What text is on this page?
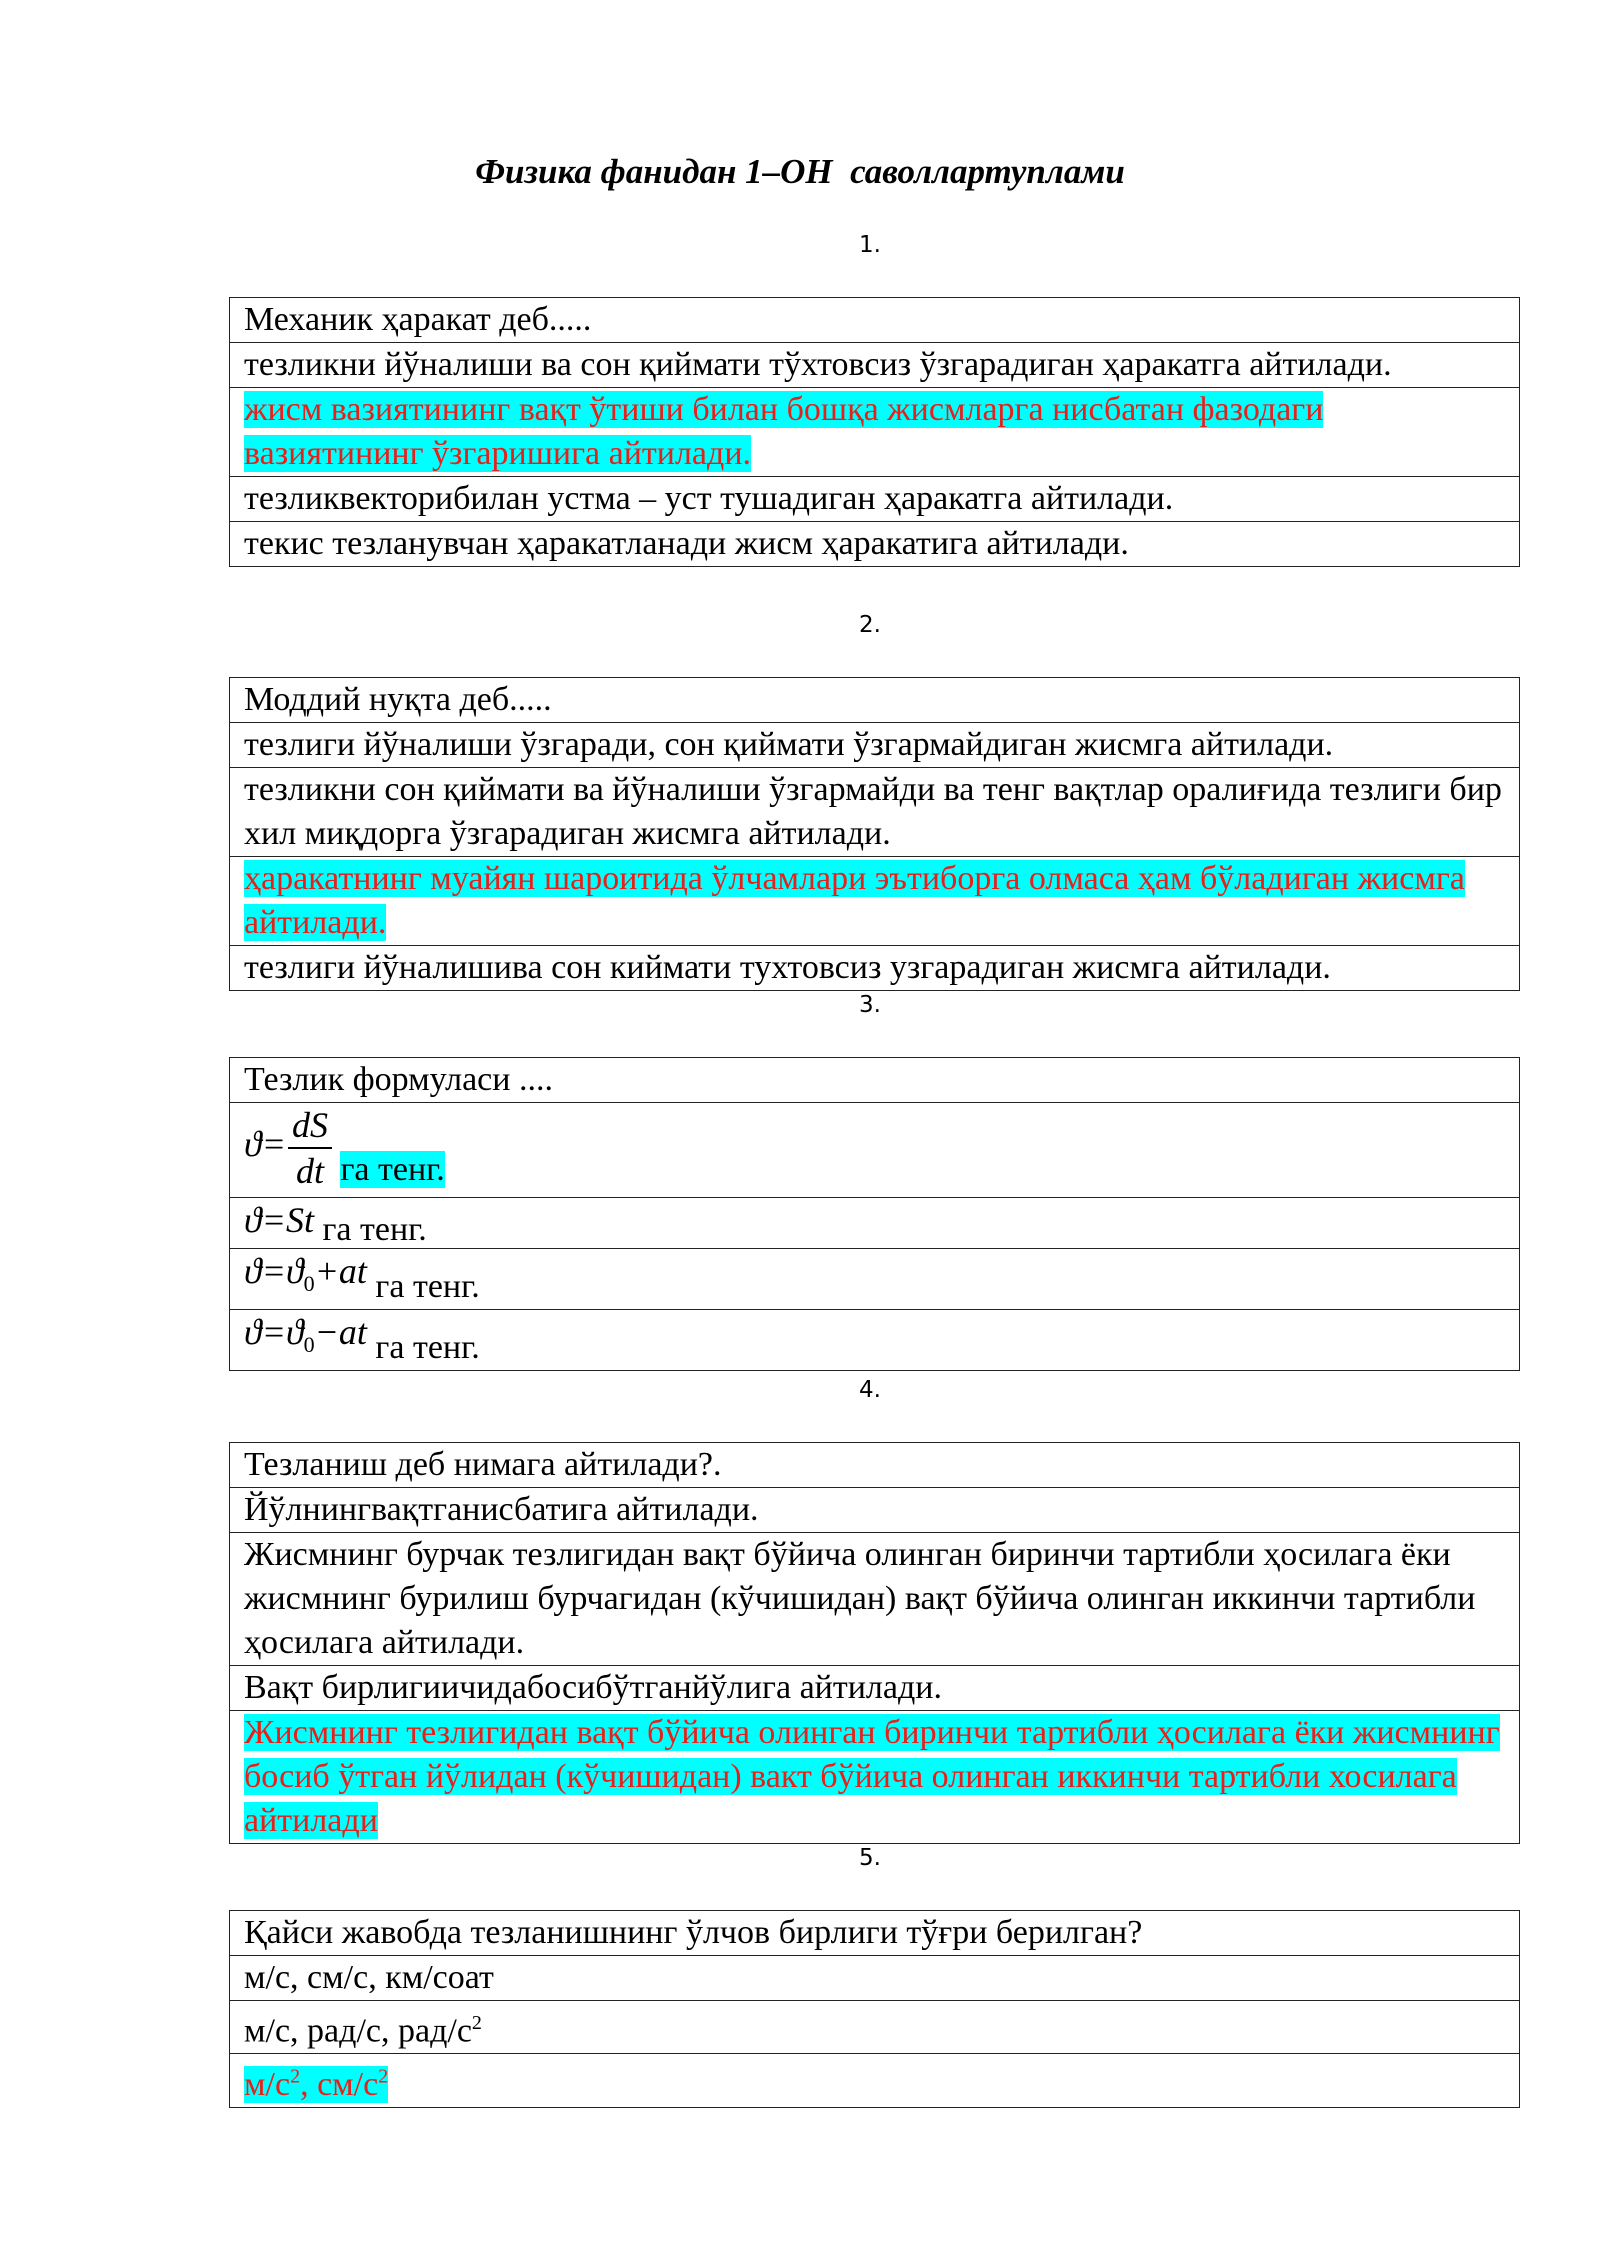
Физика фанидан 1–ОН  саволлартуплами
1.
Механик ҳаракат деб.....
тезликни йўналиши ва сон қиймати тўхтовсиз ўзгарадиган ҳаракатга айтилади.
жисм вазиятининг вақт ўтиши билан бошқа жисмларга нисбатан фазодаги вазиятининг ўзгаришига айтилади.
тезликвекторибилан устма – уст тушадиган ҳаракатга айтилади.
текис тезланувчан ҳаракатланади жисм ҳаракатига айтилади.
2.
Моддий нуқта деб.....
тезлиги йўналиши ўзгаради, сон қиймати ўзгармайдиган жисмга айтилади.
тезликни сон қиймати ва йўналиши ўзгармайди ва тенг вақтлар оралиғида тезлиги бир хил миқдорга ўзгарадиган жисмга айтилади.
ҳаракатнинг муайян шароитида ўлчамлари эътиборга олмаса ҳам бўладиган жисмга айтилади.
тезлиги йўналишива сон киймати тухтовсиз узгарадиган жисмга айтилади.
3.
Тезлик формуласи ....
$ϑ= \frac{dS}{dt}$ га тенг.
ϑ=St га тенг.
$ϑ=ϑ_0+at$ га тенг.
$ϑ=ϑ_0-at$ га тенг.
4.
Тезланиш деб нимага айтилади?.
Йўлнингвақтганисбатига айтилади.
Жисмнинг бурчак тезлигидан вақт бўйича олинган биринчи тартибли ҳосилага ёки жисмнинг бурилиш бурчагидан (кўчишидан) вақт бўйича олинган иккинчи тартибли ҳосилага айтилади.
Вақт бирлигиичидабосибўтганйўлига айтилади.
Жисмнинг тезлигидан вақт бўйича олинган биринчи тартибли ҳосилага ёки жисмнинг босиб ўтган йўлидан (кўчишидан) вакт бўйича олинган иккинчи тартибли хосилага айтилади
5.
Қайси жавобда тезланишнинг ўлчов бирлиги тўғри берилган?
м/с, см/с, км/соат
м/с, рад/с, рад/$с^2$
$м/с^2$, $см/с^2$
